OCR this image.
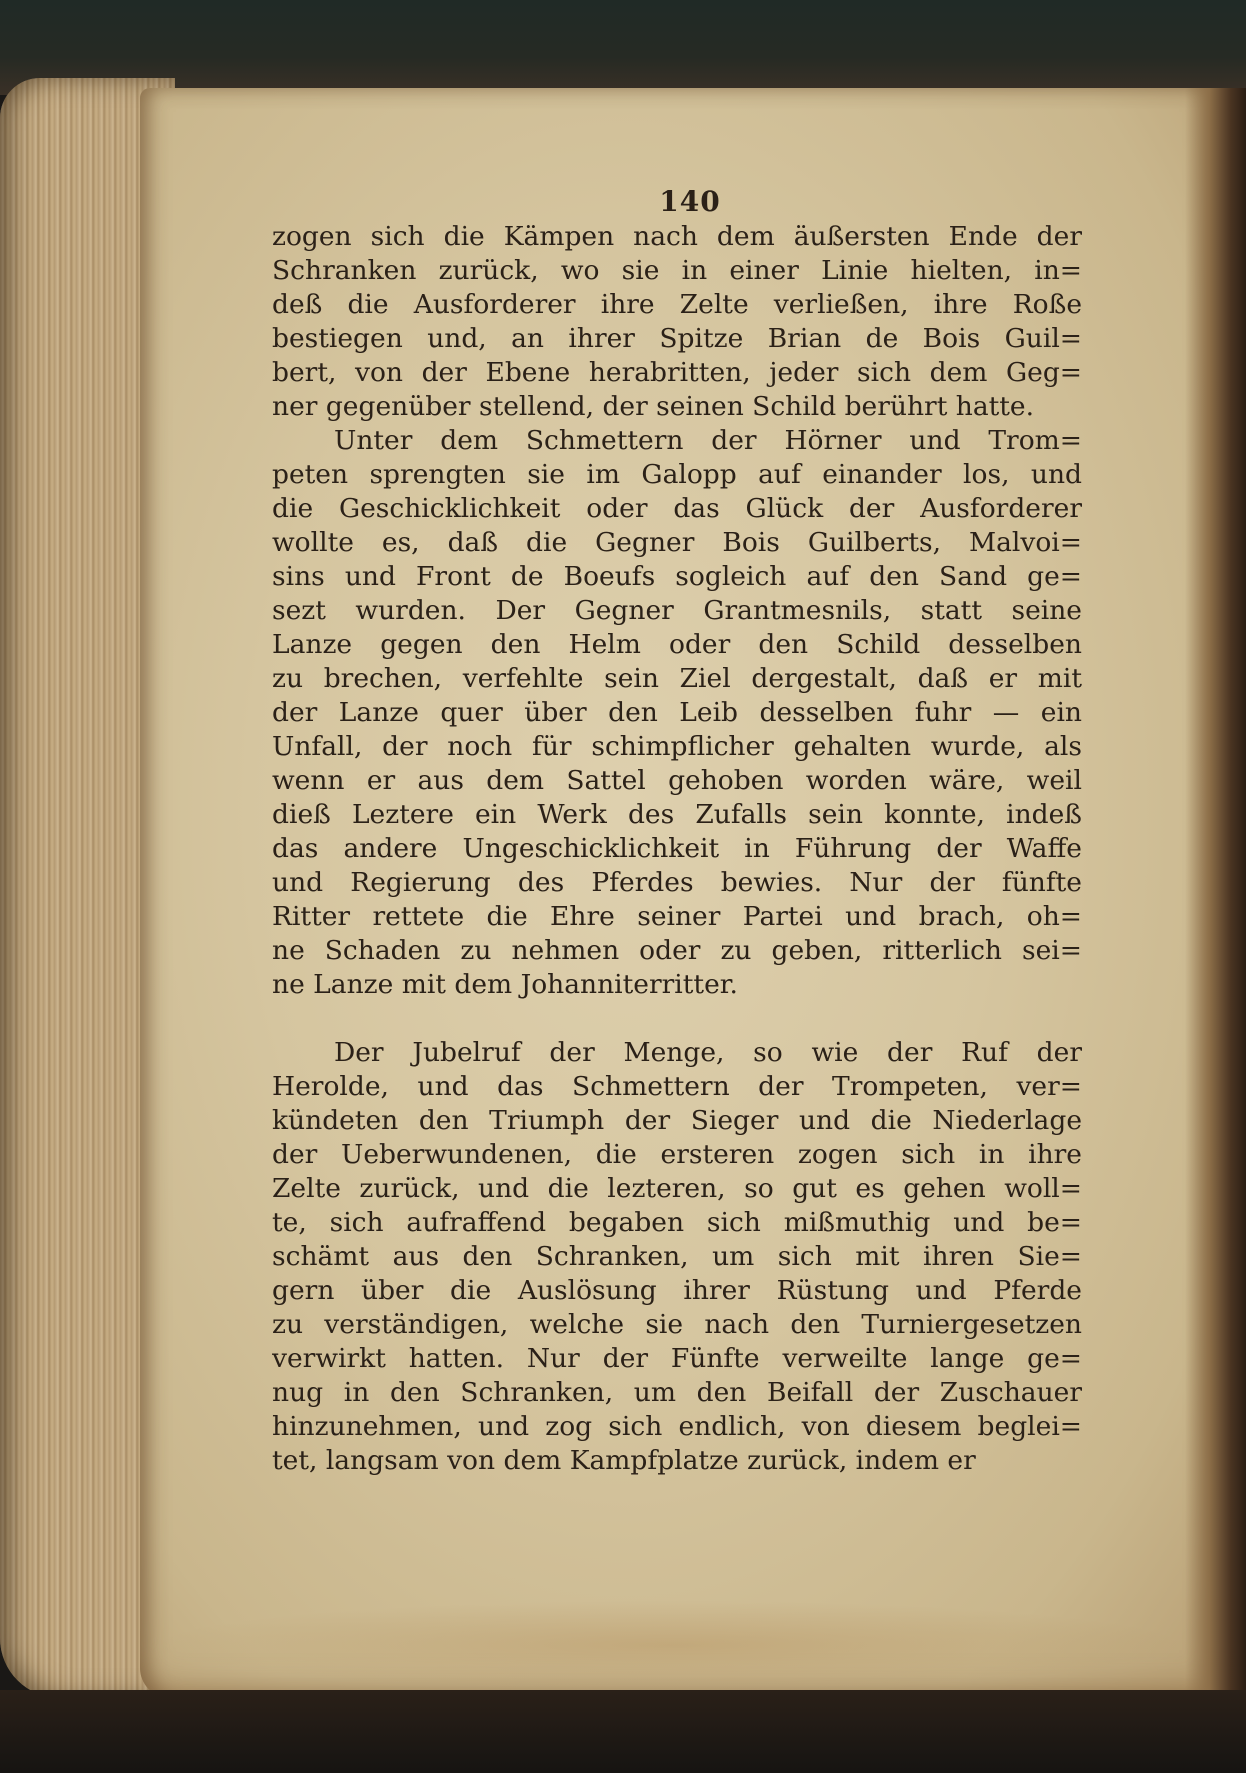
140
zogen sich die Kämpen nach dem äußersten Ende der
Schranken zurück, wo sie in einer Linie hielten, in=
deß die Ausforderer ihre Zelte verließen, ihre Roße
bestiegen und, an ihrer Spitze Brian de Bois Guil=
bert, von der Ebene herabritten, jeder sich dem Geg=
ner gegenüber stellend, der seinen Schild berührt hatte.
Unter dem Schmettern der Hörner und Trom=
peten sprengten sie im Galopp auf einander los, und
die Geschicklichkeit oder das Glück der Ausforderer
wollte es, daß die Gegner Bois Guilberts, Malvoi=
sins und Front de Boeufs sogleich auf den Sand ge=
sezt wurden. Der Gegner Grantmesnils, statt seine
Lanze gegen den Helm oder den Schild desselben
zu brechen, verfehlte sein Ziel dergestalt, daß er mit
der Lanze quer über den Leib desselben fuhr — ein
Unfall, der noch für schimpflicher gehalten wurde, als
wenn er aus dem Sattel gehoben worden wäre, weil
dieß Leztere ein Werk des Zufalls sein konnte, indeß
das andere Ungeschicklichkeit in Führung der Waffe
und Regierung des Pferdes bewies. Nur der fünfte
Ritter rettete die Ehre seiner Partei und brach, oh=
ne Schaden zu nehmen oder zu geben, ritterlich sei=
ne Lanze mit dem Johanniterritter.
Der Jubelruf der Menge, so wie der Ruf der
Herolde, und das Schmettern der Trompeten, ver=
kündeten den Triumph der Sieger und die Niederlage
der Ueberwundenen, die ersteren zogen sich in ihre
Zelte zurück, und die lezteren, so gut es gehen woll=
te, sich aufraffend begaben sich mißmuthig und be=
schämt aus den Schranken, um sich mit ihren Sie=
gern über die Auslösung ihrer Rüstung und Pferde
zu verständigen, welche sie nach den Turniergesetzen
verwirkt hatten. Nur der Fünfte verweilte lange ge=
nug in den Schranken, um den Beifall der Zuschauer
hinzunehmen, und zog sich endlich, von diesem beglei=
tet, langsam von dem Kampfplatze zurück, indem er
